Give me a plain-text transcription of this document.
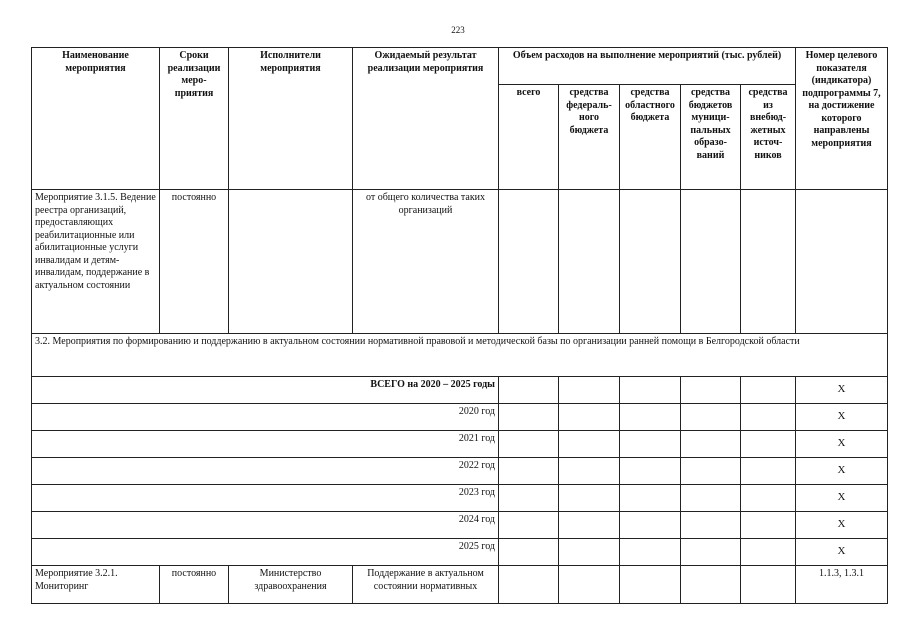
223
Наименование мероприятия	Сроки реализации меро-приятия	Исполнители мероприятия	Ожидаемый результат реализации мероприятия	Объем расходов на выполнение мероприятий (тыс. рублей)					Номер целевого показателя (индикатора) подпрограммы 7, на достижение которого направлены мероприятия
				всего	средства федераль-ного бюджета	средства областного бюджета	средства бюджетов муници-пальных образо-ваний	средства из внебюд-жетных источ-ников	
Мероприятие 3.1.5. Ведение реестра организаций, предоставляющих реабилитационные или абилитационные услуги инвалидам и детям-инвалидам, поддержание в актуальном состоянии	постоянно		от общего количества таких организаций						
3.2. Мероприятия по формированию и поддержанию в актуальном состоянии нормативной правовой и методической базы по организации ранней помощи в Белгородской области									
ВСЕГО на 2020 – 2025 годы									Х
2020 год									Х
2021 год									Х
2022 год									Х
2023 год									Х
2024 год									Х
2025 год									Х
Мероприятие 3.2.1. Мониторинг	постоянно	Министерство здравоохранения	Поддержание в актуальном состоянии нормативных						1.1.3, 1.3.1
